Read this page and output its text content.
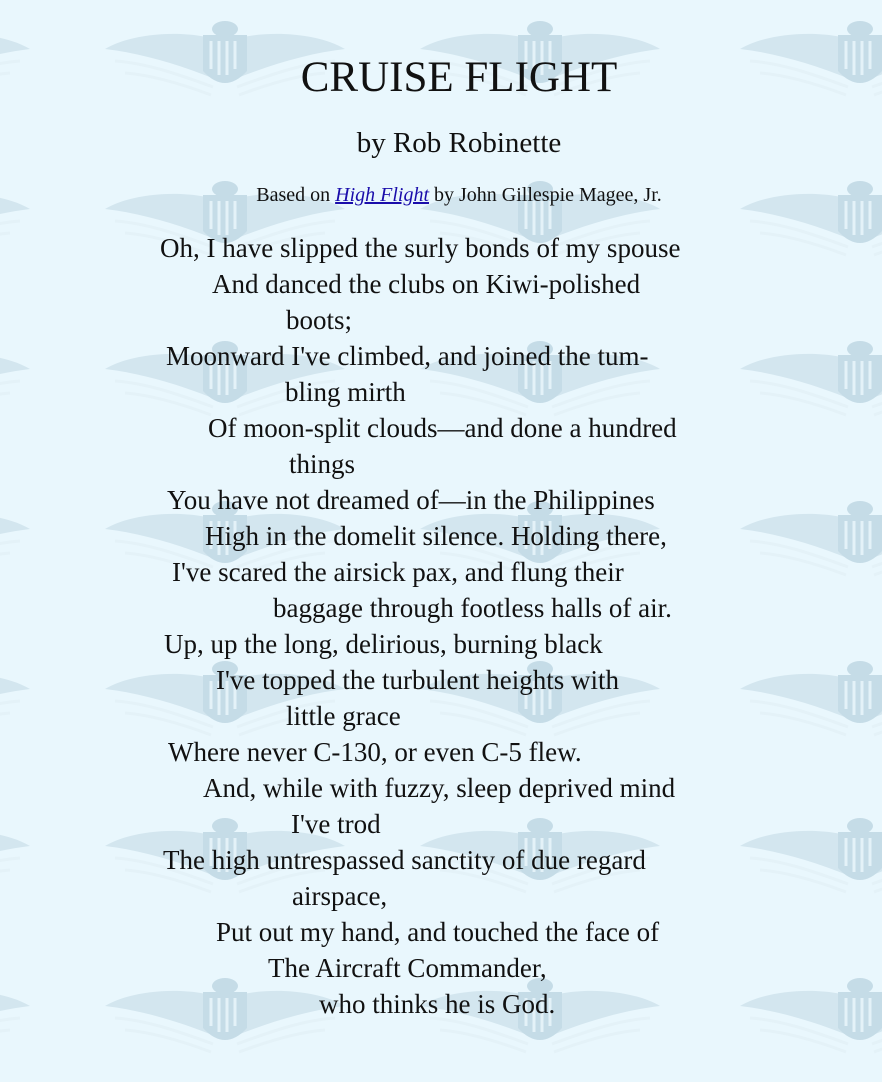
CRUISE FLIGHT

by Rob Robinette

Based on High Flight by John Gillespie Magee, Jr.

Oh, I have slipped the surly bonds of my spouse
And danced the clubs on Kiwi-polished
boots;
Moonward I've climbed, and joined the tum-
bling mirth
Of moon-split clouds—and done a hundred
things
You have not dreamed of—in the Philippines
High in the domelit silence. Holding there,
I've scared the airsick pax, and flung their
baggage through footless halls of air.
Up, up the long, delirious, burning black
I've topped the turbulent heights with
little grace
Where never C-130, or even C-5 flew.
And, while with fuzzy, sleep deprived mind
I've trod
The high untrespassed sanctity of due regard
airspace,
Put out my hand, and touched the face of
The Aircraft Commander,
who thinks he is God.
